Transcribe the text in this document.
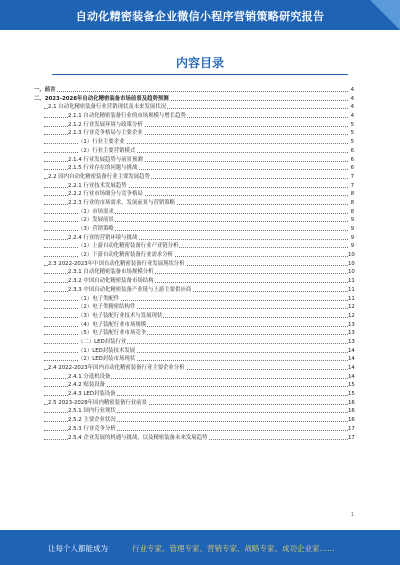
自动化精密装备企业微信小程序营销策略研究报告
内容目录
一、前言	4
二、2023-2028年自动化精密装备市场前景及趋势预测	4
2.1 自动化精密装备行业营销现状及未来发展状况	4
2.1.1 自动化精密装备行业的市场规模与增长趋势	4
2.1.2 行业发展环境与政策分析	5
2.1.3 行业竞争格局与主要企业	5
（1）行业主要企业	5
（2）行业主要营销模式	6
2.1.4 行业发展趋势与前景预测	6
2.1.5 行业存在的问题与挑战	6
2.2 国内自动化精密装备行业主要发展趋势	7
2.2.1 行业技术发展趋势	7
2.2.2 行业市场细分与竞争格局	8
2.2.3 行业的市场需求、发展前景与营销策略	8
（1）市场需求	8
（2）发展前景	9
（3）营销策略	9
2.2.4 行业的营销环境与挑战	9
（1）上游自动化精密装备行业产业链分析	9
（2）下游自动化精密装备行业需求分析	10
2.3 2022-2023年中国自动化精密装备行业发展现状分析	10
2.3.1 自动化精密装备市场规模分析	10
2.3.2 中国自动化精密装备市场结构	11
2.3.3 中国自动化精密装备产业链与上游主要供应商	11
（1）电子类配件	11
（2）电子类精密结构件	12
（3）电子装配行业技术与发展现状	12
（4）电子装配行业市场规模	13
（5）电子装配行业市场竞争	13
（二）LED封装行业	13
（1）LED封装技术发展	14
（2）LED封装市场现状	14
2.4 2022-2023年国内自动化精密装备行业主要企业分析	14
2.4.1 分选机设备	14
2.4.2 贴装设备	15
2.4.3 LED封装设备	15
2.5 2023-2028年国内精密装备行业前景	16
2.5.1 国内行业现状	16
2.5.2 主要企业状况	16
2.5.3 行业竞争分析	17
2.5.4 企业发展的机遇与挑战，以及精密装备未来发展趋势	17
1
让每个人都能成为	行业专家、管理专家、营销专家、战略专家、成功企业家……
